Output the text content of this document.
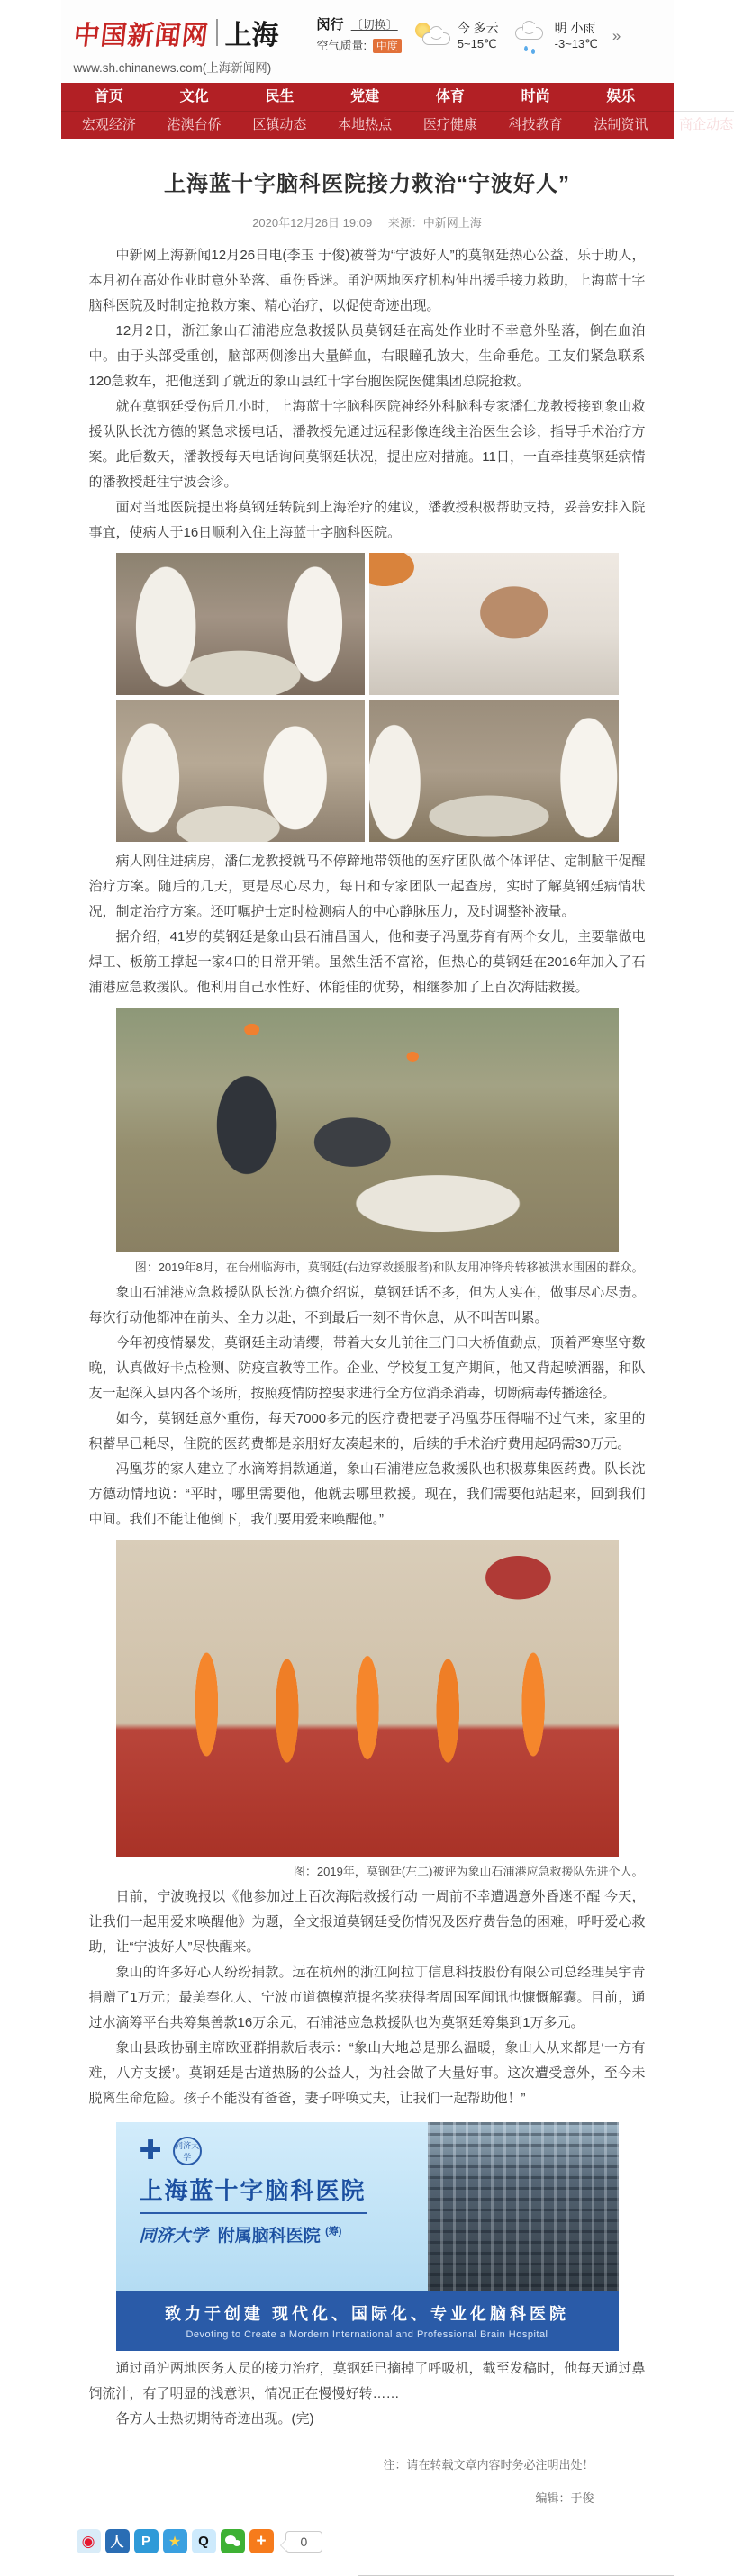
中国新闻网 上海
www.sh.chinanews.com(上海新闻网)
闵行 〔切换〕
空气质量: 中度
今 多云
5~15℃
明 小雨
-3~13℃ »
首页	文化	民生	党建	体育	时尚	娱乐	创业
宏观经济	港澳台侨	区镇动态	本地热点	医疗健康	科技教育	法制资讯	商企动态
上海蓝十字脑科医院接力救治“宁波好人”
2020年12月26日 19:09 来源：中新网上海

中新网上海新闻12月26日电(李玉 于俊)被誉为“宁波好人”的莫钢廷热心公益、乐于助人，本月初在高处作业时意外坠落、重伤昏迷。甬沪两地医疗机构伸出援手接力救助，上海蓝十字脑科医院及时制定抢救方案、精心治疗，以促使奇迹出现。

12月2日，浙江象山石浦港应急救援队员莫钢廷在高处作业时不幸意外坠落，倒在血泊中。由于头部受重创，脑部两侧渗出大量鲜血，右眼瞳孔放大，生命垂危。工友们紧急联系120急救车，把他送到了就近的象山县红十字台胞医院医健集团总院抢救。

就在莫钢廷受伤后几小时，上海蓝十字脑科医院神经外科脑科专家潘仁龙教授接到象山救援队队长沈方德的紧急求援电话，潘教授先通过远程影像连线主治医生会诊，指导手术治疗方案。此后数天，潘教授每天电话询问莫钢廷状况，提出应对措施。11日，一直牵挂莫钢廷病情的潘教授赶往宁波会诊。

面对当地医院提出将莫钢廷转院到上海治疗的建议，潘教授积极帮助支持，妥善安排入院事宜，使病人于16日顺利入住上海蓝十字脑科医院。

病人刚住进病房，潘仁龙教授就马不停蹄地带领他的医疗团队做个体评估、定制脑干促醒治疗方案。随后的几天，更是尽心尽力，每日和专家团队一起查房，实时了解莫钢廷病情状况，制定治疗方案。还叮嘱护士定时检测病人的中心静脉压力，及时调整补液量。

据介绍，41岁的莫钢廷是象山县石浦昌国人，他和妻子冯凰芬育有两个女儿，主要靠做电焊工、板筋工撑起一家4口的日常开销。虽然生活不富裕，但热心的莫钢廷在2016年加入了石浦港应急救援队。他利用自己水性好、体能佳的优势，相继参加了上百次海陆救援。

图：2019年8月，在台州临海市，莫钢廷(右边穿救援服者)和队友用冲锋舟转移被洪水围困的群众。

象山石浦港应急救援队队长沈方德介绍说，莫钢廷话不多，但为人实在，做事尽心尽责。每次行动他都冲在前头、全力以赴，不到最后一刻不肯休息，从不叫苦叫累。

今年初疫情暴发，莫钢廷主动请缨，带着大女儿前往三门口大桥值勤点，顶着严寒坚守数晚，认真做好卡点检测、防疫宣教等工作。企业、学校复工复产期间，他又背起喷洒器，和队友一起深入县内各个场所，按照疫情防控要求进行全方位消杀消毒，切断病毒传播途径。

如今，莫钢廷意外重伤，每天7000多元的医疗费把妻子冯凰芬压得喘不过气来，家里的积蓄早已耗尽，住院的医药费都是亲朋好友凑起来的，后续的手术治疗费用起码需30万元。

冯凰芬的家人建立了水滴筹捐款通道，象山石浦港应急救援队也积极募集医药费。队长沈方德动情地说：“平时，哪里需要他，他就去哪里救援。现在，我们需要他站起来，回到我们中间。我们不能让他倒下，我们要用爱来唤醒他。”

图：2019年，莫钢廷(左二)被评为象山石浦港应急救援队先进个人。

日前，宁波晚报以《他参加过上百次海陆救援行动 一周前不幸遭遇意外昏迷不醒 今天，让我们一起用爱来唤醒他》为题，全文报道莫钢廷受伤情况及医疗费告急的困难，呼吁爱心救助，让“宁波好人”尽快醒来。

象山的许多好心人纷纷捐款。远在杭州的浙江阿拉丁信息科技股份有限公司总经理吴宇青捐赠了1万元；最美奉化人、宁波市道德模范提名奖获得者周国军闻讯也慷慨解囊。目前，通过水滴筹平台共筹集善款16万余元，石浦港应急救援队也为莫钢廷筹集到1万多元。

象山县政协副主席欧亚群捐款后表示：“象山大地总是那么温暖，象山人从来都是‘一方有难，八方支援’。莫钢廷是古道热肠的公益人，为社会做了大量好事。这次遭受意外，至今未脱离生命危险。孩子不能没有爸爸，妻子呼唤丈夫，让我们一起帮助他！”

✚ 同济大学
上海蓝十字脑科医院
同济大学 附属脑科医院 $^{(筹)}$
致力于创建 现代化、国际化、专业化脑科医院
Devoting to Create a Mordern International and Professional Brain Hospital

通过甬沪两地医务人员的接力治疗，莫钢廷已摘掉了呼吸机，截至发稿时，他每天通过鼻饲流汁，有了明显的浅意识，情况正在慢慢好转……

各方人士热切期待奇迹出现。(完)

注：请在转载文章内容时务必注明出处！
编辑：于俊
◉	人	P	★	Q	+	0
